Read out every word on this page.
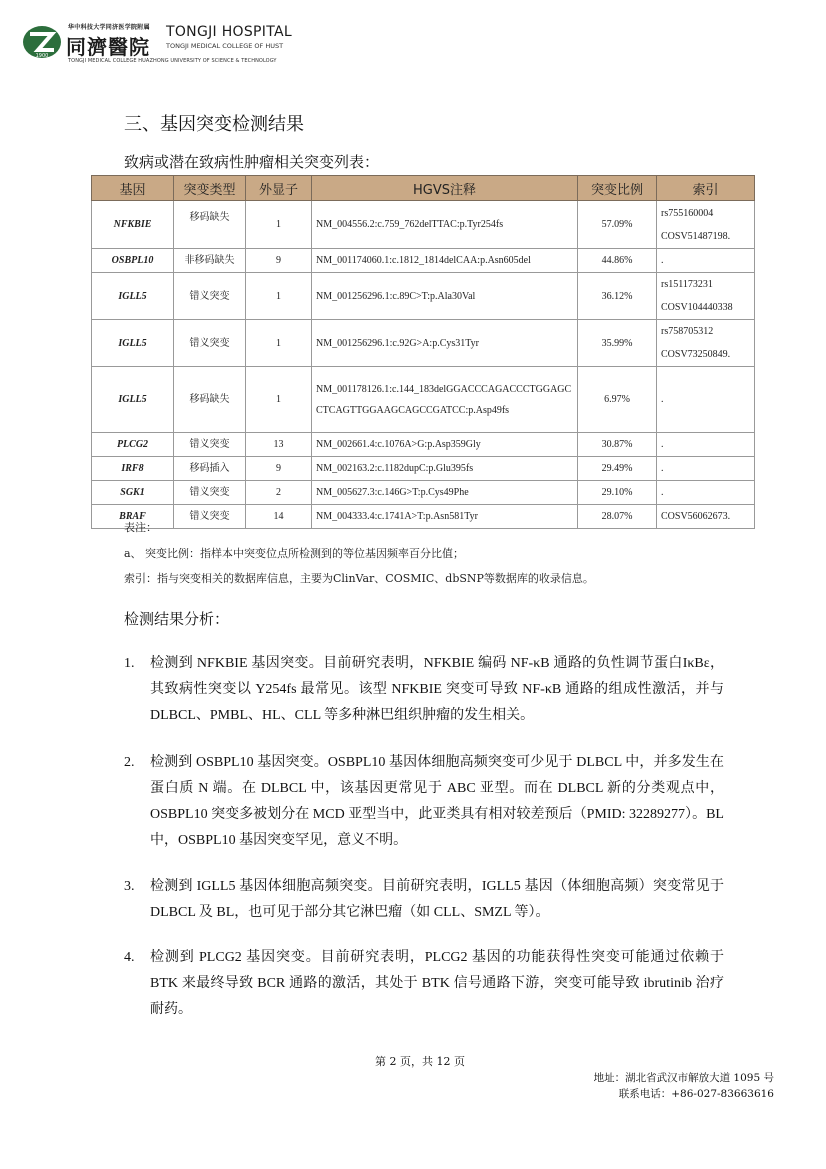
1900
华中科技大学同济医学院附属
同濟醫院
TONGJI HOSPITAL
TONGJI MEDICAL COLLEGE OF HUST
TONGJI MEDICAL COLLEGE HUAZHONG UNIVERSITY OF SCIENCE & TECHNOLOGY
三、基因突变检测结果
致病或潜在致病性肿瘤相关突变列表：
基因	突变类型	外显子	HGVS注释	突变比例	索引
NFKBIE	移码缺失	1	NM_004556.2:c.759_762delTTAC:p.Tyr254fs	57.09%	rs755160004
COSV51487198.

OSBPL10	非移码缺失	9	NM_001174060.1:c.1812_1814delCAA:p.Asn605del	44.86%	.
IGLL5	错义突变	1	NM_001256296.1:c.89C>T:p.Ala30Val	36.12%	rs151173231
COSV104440338

IGLL5	错义突变	1	NM_001256296.1:c.92G>A:p.Cys31Tyr	35.99%	rs758705312
COSV73250849.

IGLL5	移码缺失	1	NM_001178126.1:c.144_183delGGACCCAGACCCTGGAGCCTCAGTTGGAAGCAGCCGATCC:p.Asp49fs	6.97%	.
PLCG2	错义突变	13	NM_002661.4:c.1076A>G:p.Asp359Gly	30.87%	.
IRF8	移码插入	9	NM_002163.2:c.1182dupC:p.Glu395fs	29.49%	.
SGK1	错义突变	2	NM_005627.3:c.146G>T:p.Cys49Phe	29.10%	.
BRAF	错义突变	14	NM_004333.4:c.1741A>T:p.Asn581Tyr	28.07%	COSV56062673.
表注：
a、 突变比例：指样本中突变位点所检测到的等位基因频率百分比值；
索引：指与突变相关的数据库信息，主要为ClinVar、COSMIC、dbSNP等数据库的收录信息。
检测结果分析：
1. 检测到 NFKBIE 基因突变。目前研究表明，NFKBIE 编码 NF-κB 通路的负性调节蛋白IκBε，其致病性突变以 Y254fs 最常见。该型 NFKBIE 突变可导致 NF-κB 通路的组成性激活，并与 DLBCL、PMBL、HL、CLL 等多种淋巴组织肿瘤的发生相关。
2. 检测到 OSBPL10 基因突变。OSBPL10 基因体细胞高频突变可少见于 DLBCL 中，并多发生在蛋白质 N 端。在 DLBCL 中，该基因更常见于 ABC 亚型。而在 DLBCL 新的分类观点中，OSBPL10 突变多被划分在 MCD 亚型当中，此亚类具有相对较差预后（PMID: 32289277）。BL 中，OSBPL10 基因突变罕见，意义不明。
3. 检测到 IGLL5 基因体细胞高频突变。目前研究表明，IGLL5 基因（体细胞高频）突变常见于 DLBCL 及 BL，也可见于部分其它淋巴瘤（如 CLL、SMZL 等）。
4. 检测到 PLCG2 基因突变。目前研究表明，PLCG2 基因的功能获得性突变可能通过依赖于 BTK 来最终导致 BCR 通路的激活，其处于 BTK 信号通路下游，突变可能导致 ibrutinib 治疗耐药。
第 2 页，共 12 页
地址：湖北省武汉市解放大道 1095 号
联系电话：+86-027-83663616
